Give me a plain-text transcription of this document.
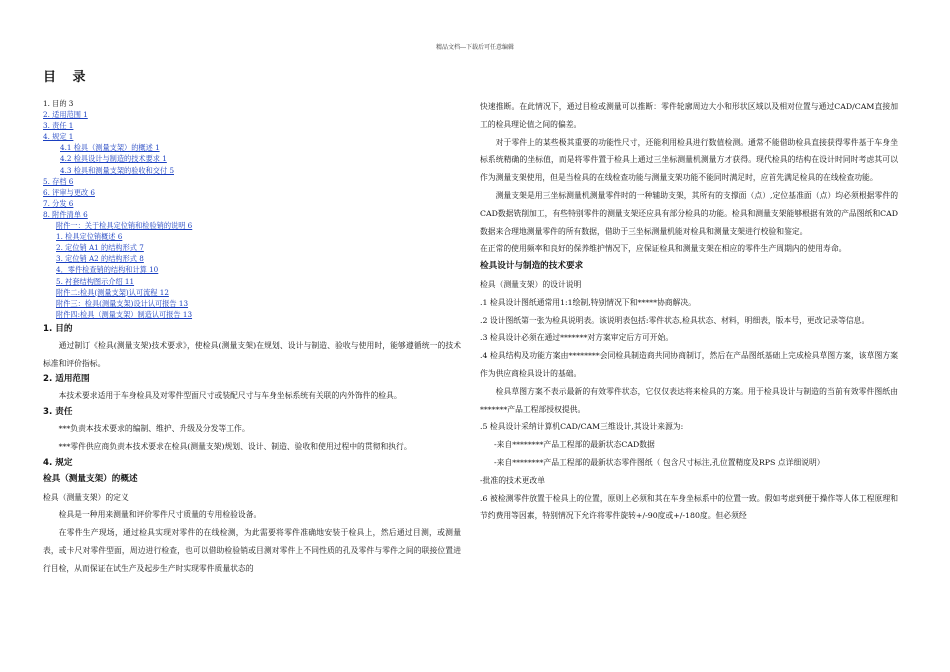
精品文档---下载后可任意编辑
目 录
1. 目的 3
2. 适用范围 1
3. 责任 1
4. 规定 1
4.1 检具（测量支架）的概述 1
4.2 检具设计与制造的技术要求 1
4.3 检具和测量支架的验收和交付 5
5. 存档 6
6. 评审与更改 6
7. 分发 6
8. 附件清单 6
附件一：关于检具定位销和检验销的说明 6
1. 检具定位销概述 6
2. 定位销 A1 的结构形式 7
3. 定位销 A2 的结构形式 8
4．零件检查销的结构和计算 10
5. 衬套结构图示介绍 11
附件二:检具(测量支架)认可流程 12
附件三：检具(测量支架)设计认可报告 13
附件四:检具（测量支架）制造认可报告 13

1. 目的

通过制订《检具(测量支架)技术要求》，使检具(测量支架)在规划、设计与制造、验收与使用时，能够遵循统一的技术标准和评价指标。

2. 适用范围

本技术要求适用于车身检具及对零件型面尺寸或装配尺寸与车身坐标系统有关联的内外饰件的检具。

3. 责任

***负责本技术要求的编制、维护、升级及分发等工作。

***零件供应商负责本技术要求在检具(测量支架)规划、设计、制造、验收和使用过程中的贯彻和执行。

4. 规定

检具（测量支架）的概述

检具（测量支架）的定义

检具是一种用来测量和评价零件尺寸质量的专用检验设备。

在零件生产现场，通过检具实现对零件的在线检测，为此需要将零件准确地安装于检具上，然后通过目测，或测量表，或卡尺对零件型面，周边进行检查，也可以借助检验销或目测对零件上不同性质的孔及零件与零件之间的联接位置进行目检，从而保证在试生产及起步生产时实现零件质量状态的

快速推断。在此情况下，通过目检或测量可以推断：零件轮廓周边大小和形状区域以及相对位置与通过CAD/CAM直接加工的检具理论值之间的偏差。

对于零件上的某些极其重要的功能性尺寸，还能利用检具进行数值检测。通常不能借助检具直接获得零件基于车身坐标系统精确的坐标值，而是将零件置于检具上通过三坐标测量机测量方才获得。现代检具的结构在设计时同时考虑其可以作为测量支架使用，但是当检具的在线检查功能与测量支架功能不能同时满足时，应首先满足检具的在线检查功能。

测量支架是用三坐标测量机测量零件时的一种辅助支架，其所有的支撑面（点）,定位基准面（点）均必须根据零件的CAD数据铣削加工，有些特别零件的测量支架还应具有部分检具的功能。检具和测量支架能够根据有效的产品图纸和CAD数据来合理地测量零件的所有数据，借助于三坐标测量机能对检具和测量支架进行校验和鉴定。

在正常的使用频率和良好的保养维护情况下，应保证检具和测量支架在相应的零件生产周期内的使用寿命。

检具设计与制造的技术要求

检具（测量支架）的设计说明

.1 检具设计图纸通常用1:1绘制,特别情况下和*****协商解决。

.2 设计图纸第一张为检具说明表。该说明表包括:零件状态,检具状态、材料，明细表，版本号，更改记录等信息。

.3 检具设计必须在通过*******对方案审定后方可开始。

.4 检具结构及功能方案由********会同检具制造商共同协商制订，然后在产品图纸基础上完成检具草图方案，该草图方案作为供应商检具设计的基础。

检具草图方案不表示最新的有效零件状态，它仅仅表达将来检具的方案。用于检具设计与制造的当前有效零件图纸由*******产品工程部授权提供。

.5 检具设计采纳计算机CAD/CAM三维设计,其设计来源为:

-来自********产品工程部的最新状态CAD数据

-来自********产品工程部的最新状态零件图纸（ 包含尺寸标注,孔位置精度及RPS 点详细说明）

-批准的技术更改单

.6 被检测零件放置于检具上的位置，原则上必须和其在车身坐标系中的位置一致。假如考虑到便于操作等人体工程原理和节约费用等因素，特别情况下允许将零件旋转+/-90度或+/-180度。但必须经
